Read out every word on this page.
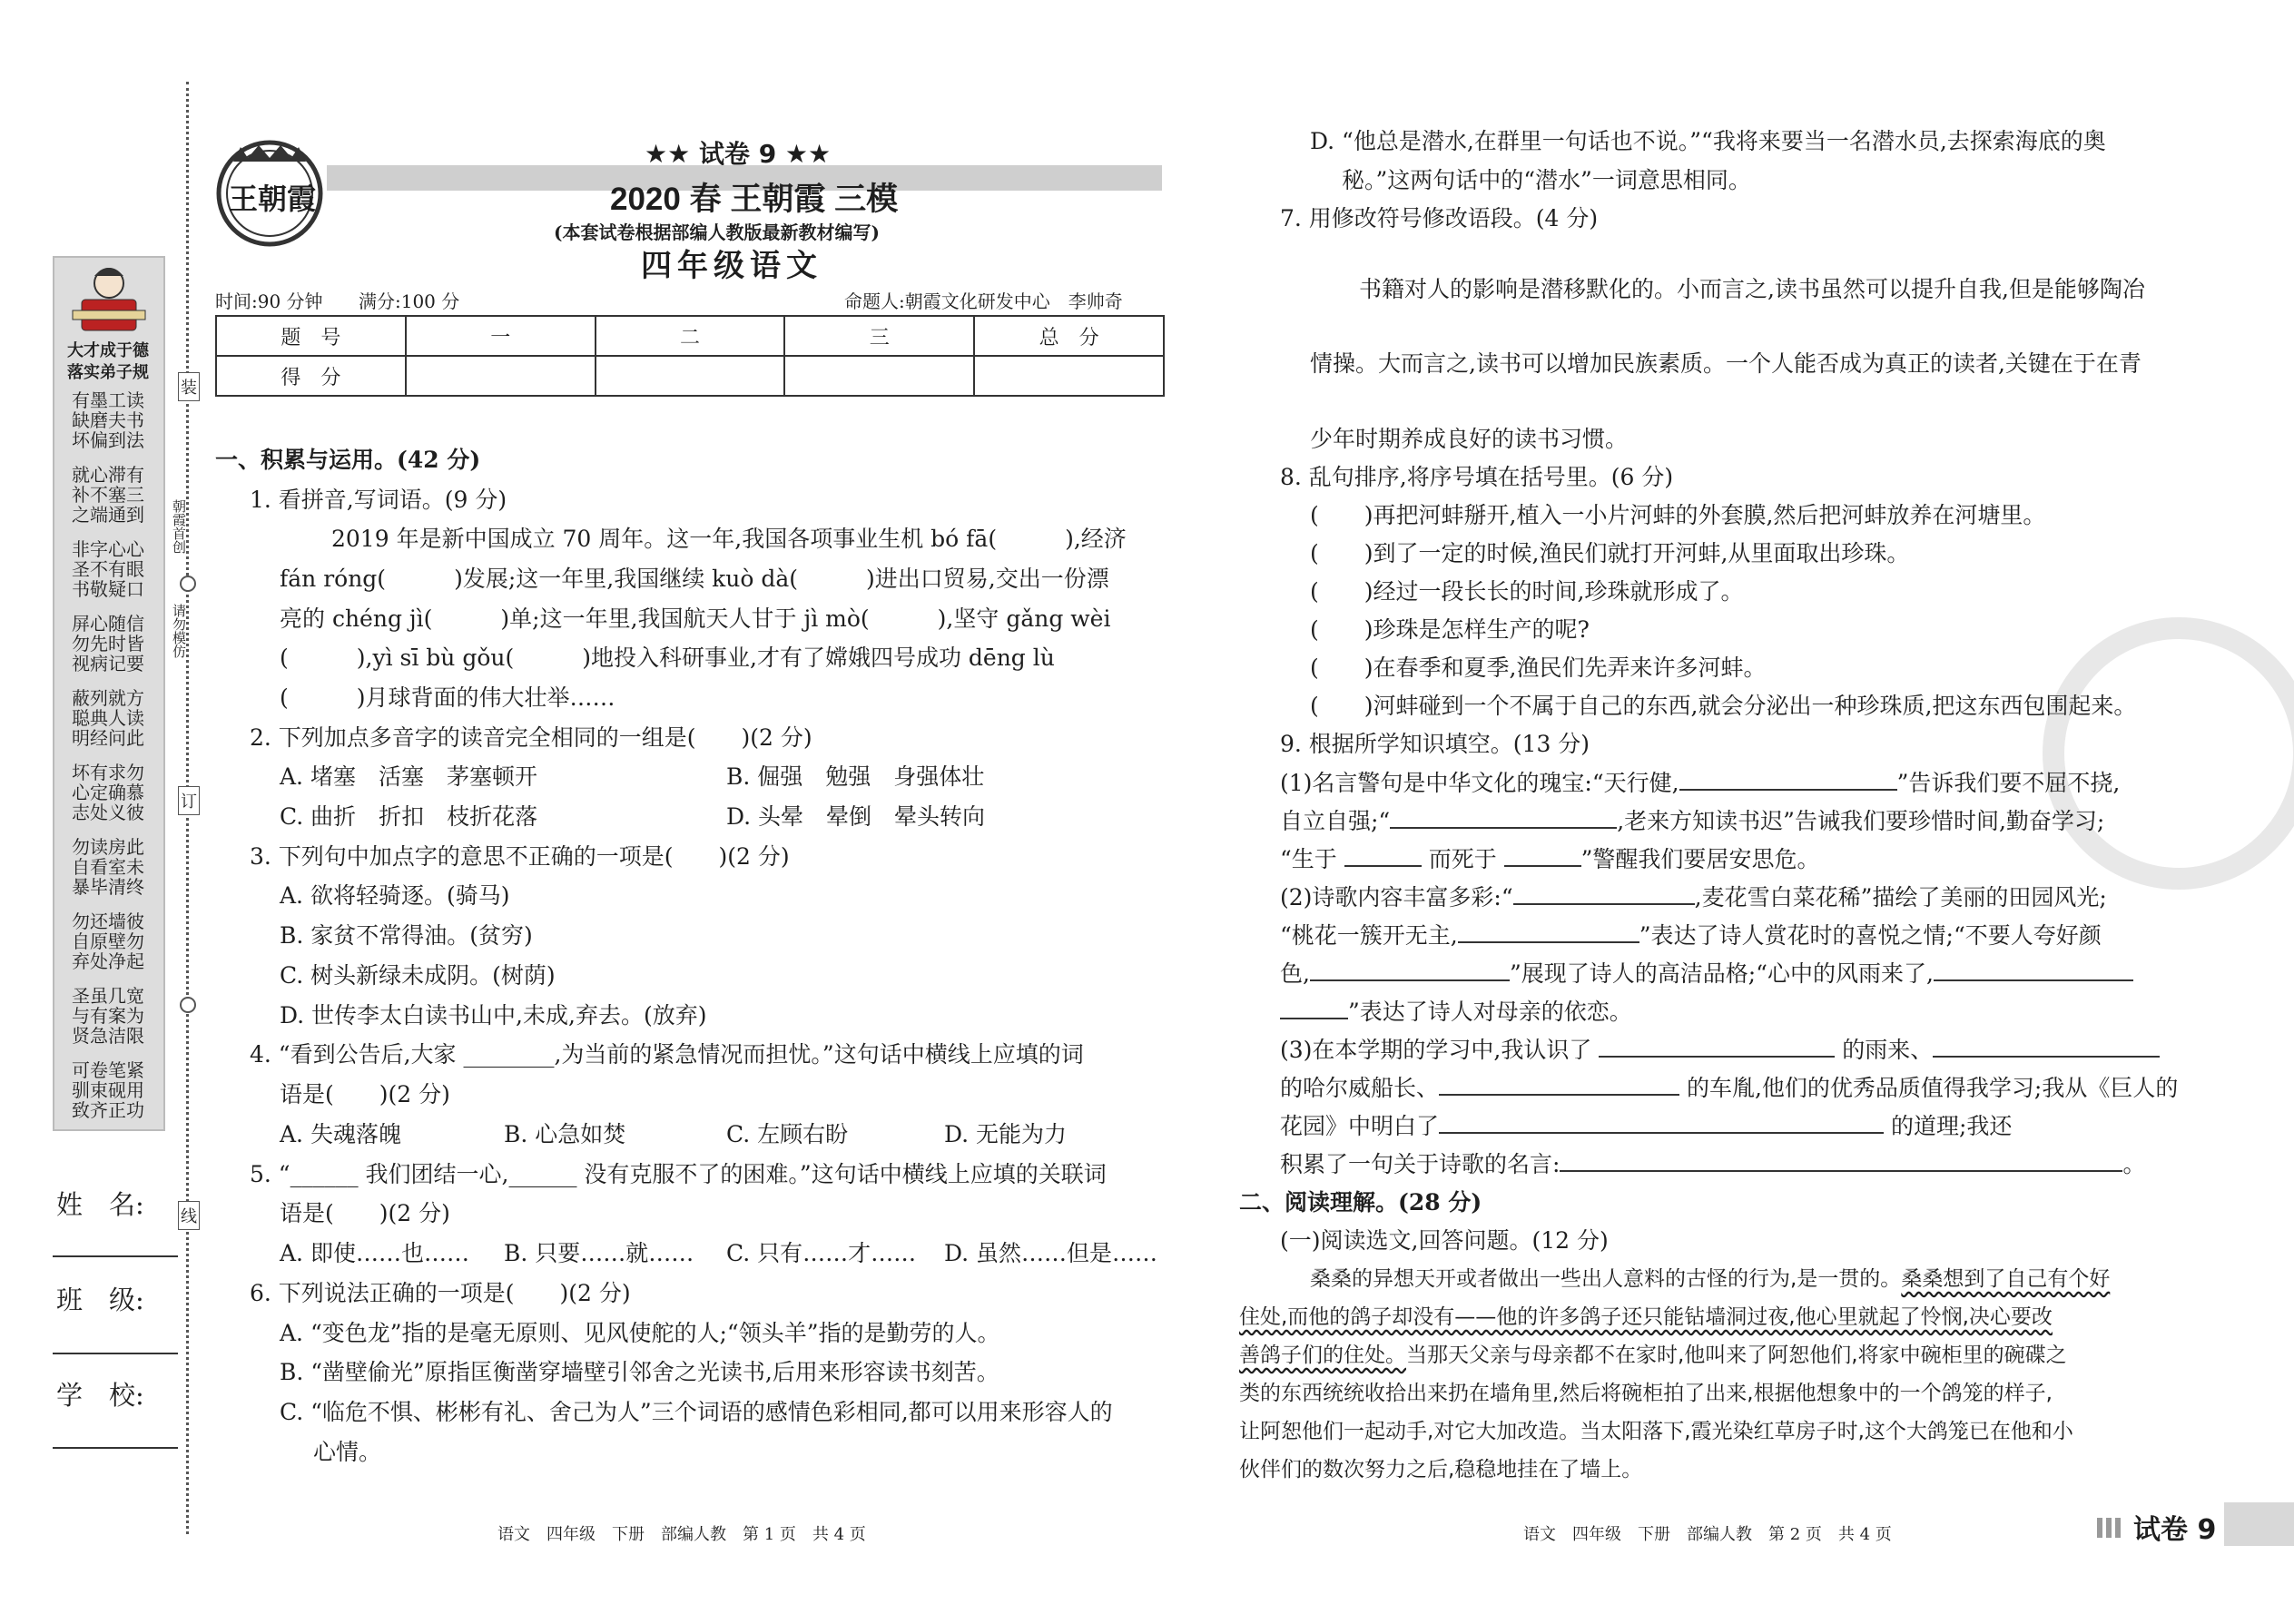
大才成于德
落实弟子规
有墨工读
缺磨夫书
坏偏到法
就心滞有
补不塞三
之端通到
非字心心
圣不有眼
书敬疑口
屏心随信
勿先时皆
视病记要
蔽列就方
聪典人读
明经问此
坏有求勿
心定确慕
志处义彼
勿读房此
自看室未
暴毕清终
勿还墙彼
自原壁勿
弃处净起
圣虽几宽
与有案为
贤急洁限
可卷笔紧
驯束砚用
致齐正功
姓　名:
班　级:
学　校:
装
订
线
朝霞首创
请勿模仿
王朝霞
★★ 试卷 9 ★★
2020 春 王朝霞 三模
(本套试卷根据部编人教版最新教材编写)
四年级语文
时间:90 分钟 满分:100 分	命题人:朝霞文化研发中心　李帅奇
题　号	一	二	三	总　分
得　分				
一、积累与运用。(42 分)
1. 看拼音,写词语。(9 分)
2019 年是新中国成立 70 周年。这一年,我国各项事业生机 bó fā(　　　),经济
fán róng(　　　)发展;这一年里,我国继续 kuò dà(　　　)进出口贸易,交出一份漂
亮的 chéng jì(　　　)单;这一年里,我国航天人甘于 jì mò(　　　),坚守 gǎng wèi
(　　　),yì sī bù gǒu(　　　)地投入科研事业,才有了嫦娥四号成功 dēng lù
(　　　)月球背面的伟大壮举……
2. 下列加点多音字的读音完全相同的一组是(　　)(2 分)
A. 堵塞　活塞　茅塞顿开	B. 倔强　勉强　身强体壮
C. 曲折　折扣　枝折花落	D. 头晕　晕倒　晕头转向
3. 下列句中加点字的意思不正确的一项是(　　)(2 分)
A. 欲将轻骑逐。(骑马)
B. 家贫不常得油。(贫穷)
C. 树头新绿未成阴。(树荫)
D. 世传李太白读书山中,未成,弃去。(放弃)
4. “看到公告后,大家 ________,为当前的紧急情况而担忧。”这句话中横线上应填的词
语是(　　)(2 分)
A. 失魂落魄	B. 心急如焚	C. 左顾右盼	D. 无能为力
5. “______ 我们团结一心,______ 没有克服不了的困难。”这句话中横线上应填的关联词
语是(　　)(2 分)
A. 即使……也…… B. 只要……就…… C. 只有……才…… D. 虽然……但是……
6. 下列说法正确的一项是(　　)(2 分)
A. “变色龙”指的是毫无原则、见风使舵的人;“领头羊”指的是勤劳的人。
B. “凿壁偷光”原指匡衡凿穿墙壁引邻舍之光读书,后用来形容读书刻苦。
C. “临危不惧、彬彬有礼、舍己为人”三个词语的感情色彩相同,都可以用来形容人的
心情。
语文　四年级　下册　部编人教　第 1 页　共 4 页
D. “他总是潜水,在群里一句话也不说。”“我将来要当一名潜水员,去探索海底的奥
秘。”这两句话中的“潜水”一词意思相同。
7. 用修改符号修改语段。(4 分)
书籍对人的影响是潜移默化的。小而言之,读书虽然可以提升自我,但是能够陶冶
情操。大而言之,读书可以增加民族素质。一个人能否成为真正的读者,关键在于在青
少年时期养成良好的读书习惯。
8. 乱句排序,将序号填在括号里。(6 分)
(　　)再把河蚌掰开,植入一小片河蚌的外套膜,然后把河蚌放养在河塘里。
(　　)到了一定的时候,渔民们就打开河蚌,从里面取出珍珠。
(　　)经过一段长长的时间,珍珠就形成了。
(　　)珍珠是怎样生产的呢?
(　　)在春季和夏季,渔民们先弄来许多河蚌。
(　　)河蚌碰到一个不属于自己的东西,就会分泌出一种珍珠质,把这东西包围起来。
9. 根据所学知识填空。(13 分)
(1)名言警句是中华文化的瑰宝:“天行健,	”告诉我们要不屈不挠,
自立自强;“	,老来方知读书迟”告诫我们要珍惜时间,勤奋学习;
“生于	而死于	”警醒我们要居安思危。
(2)诗歌内容丰富多彩:“	,麦花雪白菜花稀”描绘了美丽的田园风光;
“桃花一簇开无主,	”表达了诗人赏花时的喜悦之情;“不要人夸好颜
色,	”展现了诗人的高洁品格;“心中的风雨来了,
”表达了诗人对母亲的依恋。
(3)在本学期的学习中,我认识了	的雨来、
的哈尔威船长、	的车胤,他们的优秀品质值得我学习;我从《巨人的
花园》中明白了	的道理;我还
积累了一句关于诗歌的名言:	。
二、阅读理解。(28 分)
(一)阅读选文,回答问题。(12 分)
桑桑的异想天开或者做出一些出人意料的古怪的行为,是一贯的。桑桑想到了自己有个好
住处,而他的鸽子却没有——他的许多鸽子还只能钻墙洞过夜,他心里就起了怜悯,决心要改
善鸽子们的住处。当那天父亲与母亲都不在家时,他叫来了阿恕他们,将家中碗柜里的碗碟之
类的东西统统收拾出来扔在墙角里,然后将碗柜拍了出来,根据他想象中的一个鸽笼的样子,
让阿恕他们一起动手,对它大加改造。当太阳落下,霞光染红草房子时,这个大鸽笼已在他和小
伙伴们的数次努力之后,稳稳地挂在了墙上。
语文　四年级　下册　部编人教　第 2 页　共 4 页	试卷 9
